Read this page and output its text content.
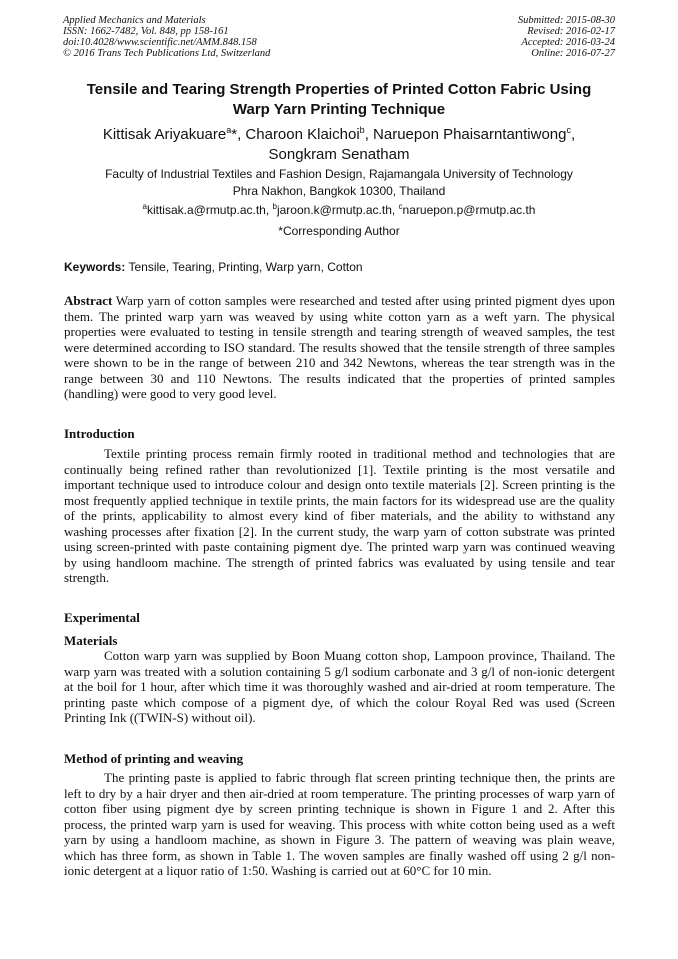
Applied Mechanics and Materials
ISSN: 1662-7482, Vol. 848, pp 158-161
doi:10.4028/www.scientific.net/AMM.848.158
© 2016 Trans Tech Publications Ltd, Switzerland
Submitted: 2015-08-30
Revised: 2016-02-17
Accepted: 2016-03-24
Online: 2016-07-27
Tensile and Tearing Strength Properties of Printed Cotton Fabric Using
Warp Yarn Printing Technique
Kittisak Ariyakuare$^a$*, Charoon Klaichoi$^b$, Naruepon Phaisarntantiwong$^c$,
Songkram Senatham
Faculty of Industrial Textiles and Fashion Design, Rajamangala University of Technology
Phra Nakhon, Bangkok 10300, Thailand
$^a$kittisak.a@rmutp.ac.th, $^b$jaroon.k@rmutp.ac.th, $^c$naruepon.p@rmutp.ac.th
*Corresponding Author
Keywords: Tensile, Tearing, Printing, Warp yarn, Cotton

Abstract Warp yarn of cotton samples were researched and tested after using printed pigment dyes upon them. The printed warp yarn was weaved by using white cotton yarn as a weft yarn. The physical properties were evaluated to testing in tensile strength and tearing strength of weaved samples, the test were determined according to ISO standard. The results showed that the tensile strength of three samples were shown to be in the range of between 210 and 342 Newtons, whereas the tear strength was in the range between 30 and 110 Newtons. The results indicated that the properties of printed samples (handling) were good to very good level.

Introduction

Textile printing process remain firmly rooted in traditional method and technologies that are continually being refined rather than revolutionized [1]. Textile printing is the most versatile and important technique used to introduce colour and design onto textile materials [2]. Screen printing is the most frequently applied technique in textile prints, the main factors for its widespread use are the quality of the prints, applicability to almost every kind of fiber materials, and the ability to withstand any washing processes after fixation [2]. In the current study, the warp yarn of cotton substrate was printed using screen-printed with paste containing pigment dye. The printed warp yarn was continued weaving by using handloom machine. The strength of printed fabrics was evaluated by using tensile and tear strength.

Experimental
Materials

Cotton warp yarn was supplied by Boon Muang cotton shop, Lampoon province, Thailand. The warp yarn was treated with a solution containing 5 g/l sodium carbonate and 3 g/l of non-ionic detergent at the boil for 1 hour, after which time it was thoroughly washed and air-dried at room temperature. The printing paste which compose of a pigment dye, of which the colour Royal Red was used (Screen Printing Ink ((TWIN-S) without oil).

Method of printing and weaving

The printing paste is applied to fabric through flat screen printing technique then, the prints are left to dry by a hair dryer and then air-dried at room temperature. The printing processes of warp yarn of cotton fiber using pigment dye by screen printing technique is shown in Figure 1 and 2. After this process, the printed warp yarn is used for weaving. This process with white cotton being used as a weft yarn by using a handloom machine, as shown in Figure 3. The pattern of weaving was plain weave, which has three form, as shown in Table 1. The woven samples are finally washed off using 2 g/l non-ionic detergent at a liquor ratio of 1:50. Washing is carried out at 60°C for 10 min.
